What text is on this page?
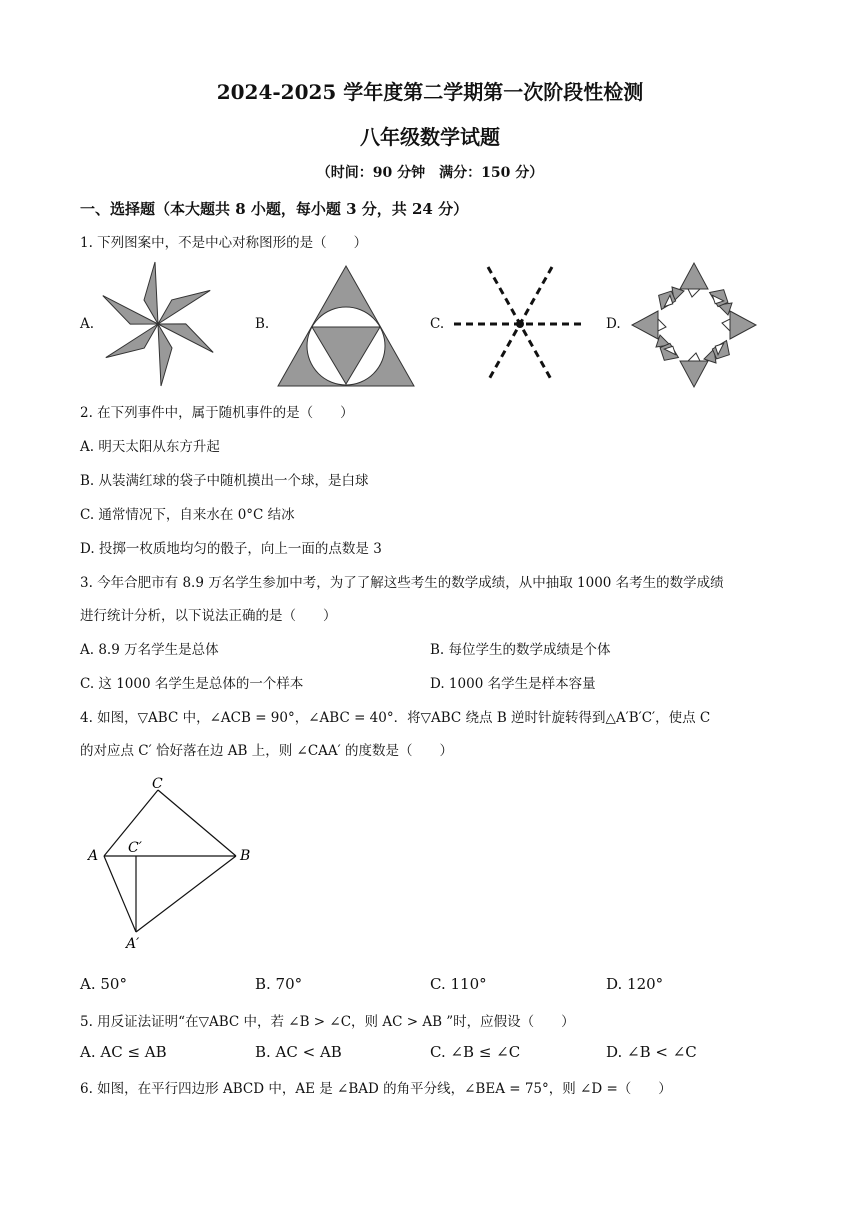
2024-2025 学年度第二学期第一次阶段性检测
八年级数学试题
（时间：90 分钟　满分：150 分）
一、选择题（本大题共 8 小题，每小题 3 分，共 24 分）
1. 下列图案中，不是中心对称图形的是（　　）
A.	B.	C.	D.
2. 在下列事件中，属于随机事件的是（　　）
A. 明天太阳从东方升起
B. 从装满红球的袋子中随机摸出一个球，是白球
C. 通常情况下，自来水在 0°C 结冰
D. 投掷一枚质地均匀的骰子，向上一面的点数是 3
3. 今年合肥市有 8.9 万名学生参加中考，为了了解这些考生的数学成绩，从中抽取 1000 名考生的数学成绩
进行统计分析，以下说法正确的是（　　）
A. 8.9 万名学生是总体	B. 每位学生的数学成绩是个体
C. 这 1000 名学生是总体的一个样本	D. 1000 名学生是样本容量
4. 如图，▽ABC 中，∠ACB = 90°，∠ABC = 40°．将▽ABC 绕点 B 逆时针旋转得到△A′B′C′，使点 C
的对应点 C′ 恰好落在边 AB 上，则 ∠CAA′ 的度数是（　　）
C
A C′	B
A′
A. 50°	B. 70°	C. 110°	D. 120°
5. 用反证法证明“在▽ABC 中，若 ∠B > ∠C，则 AC > AB ”时，应假设（　　）
A. AC ≤ AB	B. AC < AB	C. ∠B ≤ ∠C	D. ∠B < ∠C
6. 如图，在平行四边形 ABCD 中，AE 是 ∠BAD 的角平分线，∠BEA = 75°，则 ∠D =（　　）
